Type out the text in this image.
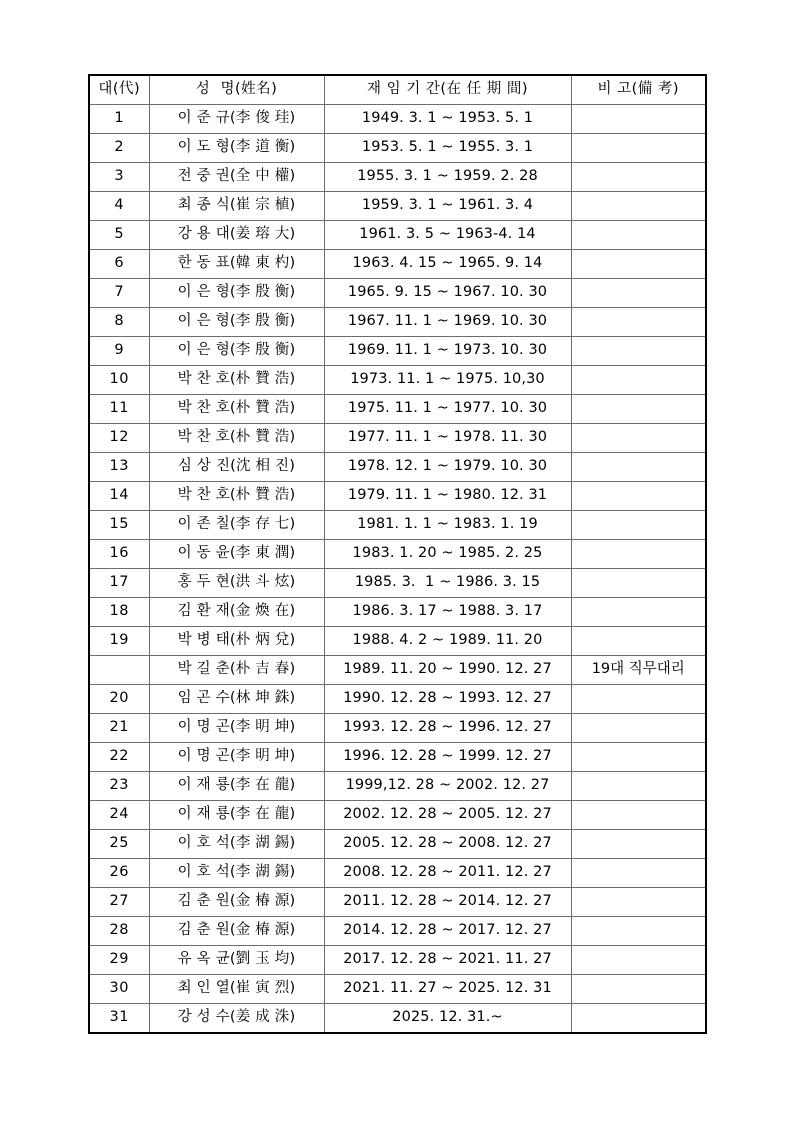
대(代)	성  명(姓名)	재 임 기 간(在 任 期 間)	비 고(備 考)
1	이 준 규(李 俊 珪)	1949. 3. 1 ~ 1953. 5. 1	
2	이 도 형(李 道 衡)	1953. 5. 1 ~ 1955. 3. 1	
3	전 중 권(全 中 權)	1955. 3. 1 ~ 1959. 2. 28	
4	최 종 식(崔 宗 植)	1959. 3. 1 ~ 1961. 3. 4	
5	강 용 대(姜 瑢 大)	1961. 3. 5 ~ 1963-4. 14	
6	한 동 표(韓 東 杓)	1963. 4. 15 ~ 1965. 9. 14	
7	이 은 형(李 殷 衡)	1965. 9. 15 ~ 1967. 10. 30	
8	이 은 형(李 殷 衡)	1967. 11. 1 ~ 1969. 10. 30	
9	이 은 형(李 殷 衡)	1969. 11. 1 ~ 1973. 10. 30	
10	박 찬 호(朴 贊 浩)	1973. 11. 1 ~ 1975. 10,30	
11	박 찬 호(朴 贊 浩)	1975. 11. 1 ~ 1977. 10. 30	
12	박 찬 호(朴 贊 浩)	1977. 11. 1 ~ 1978. 11. 30	
13	심 상 진(沈 相 진)	1978. 12. 1 ~ 1979. 10. 30	
14	박 찬 호(朴 贊 浩)	1979. 11. 1 ~ 1980. 12. 31	
15	이 존 칠(李 存 七)	1981. 1. 1 ~ 1983. 1. 19	
16	이 동 윤(李 東 潤)	1983. 1. 20 ~ 1985. 2. 25	
17	홍 두 현(洪 斗 炫)	1985. 3.  1 ~ 1986. 3. 15	
18	김 환 재(金 煥 在)	1986. 3. 17 ~ 1988. 3. 17	
19	박 병 태(朴 炳 兌)	1988. 4. 2 ~ 1989. 11. 20	
	박 길 춘(朴 吉 春)	1989. 11. 20 ~ 1990. 12. 27	19대 직무대리
20	임 곤 수(林 坤 銖)	1990. 12. 28 ~ 1993. 12. 27	
21	이 명 곤(李 明 坤)	1993. 12. 28 ~ 1996. 12. 27	
22	이 명 곤(李 明 坤)	1996. 12. 28 ~ 1999. 12. 27	
23	이 재 룡(李 在 龍)	1999,12. 28 ~ 2002. 12. 27	
24	이 재 룡(李 在 龍)	2002. 12. 28 ~ 2005. 12. 27	
25	이 호 석(李 湖 錫)	2005. 12. 28 ~ 2008. 12. 27	
26	이 호 석(李 湖 錫)	2008. 12. 28 ~ 2011. 12. 27	
27	김 춘 원(金 椿 源)	2011. 12. 28 ~ 2014. 12. 27	
28	김 춘 원(金 椿 源)	2014. 12. 28 ~ 2017. 12. 27	
29	유 옥 균(劉 玉 均)	2017. 12. 28 ~ 2021. 11. 27	
30	최 인 열(崔 寅 烈)	2021. 11. 27 ~ 2025. 12. 31	
31	강 성 수(姜 成 洙)	2025. 12. 31.~	
